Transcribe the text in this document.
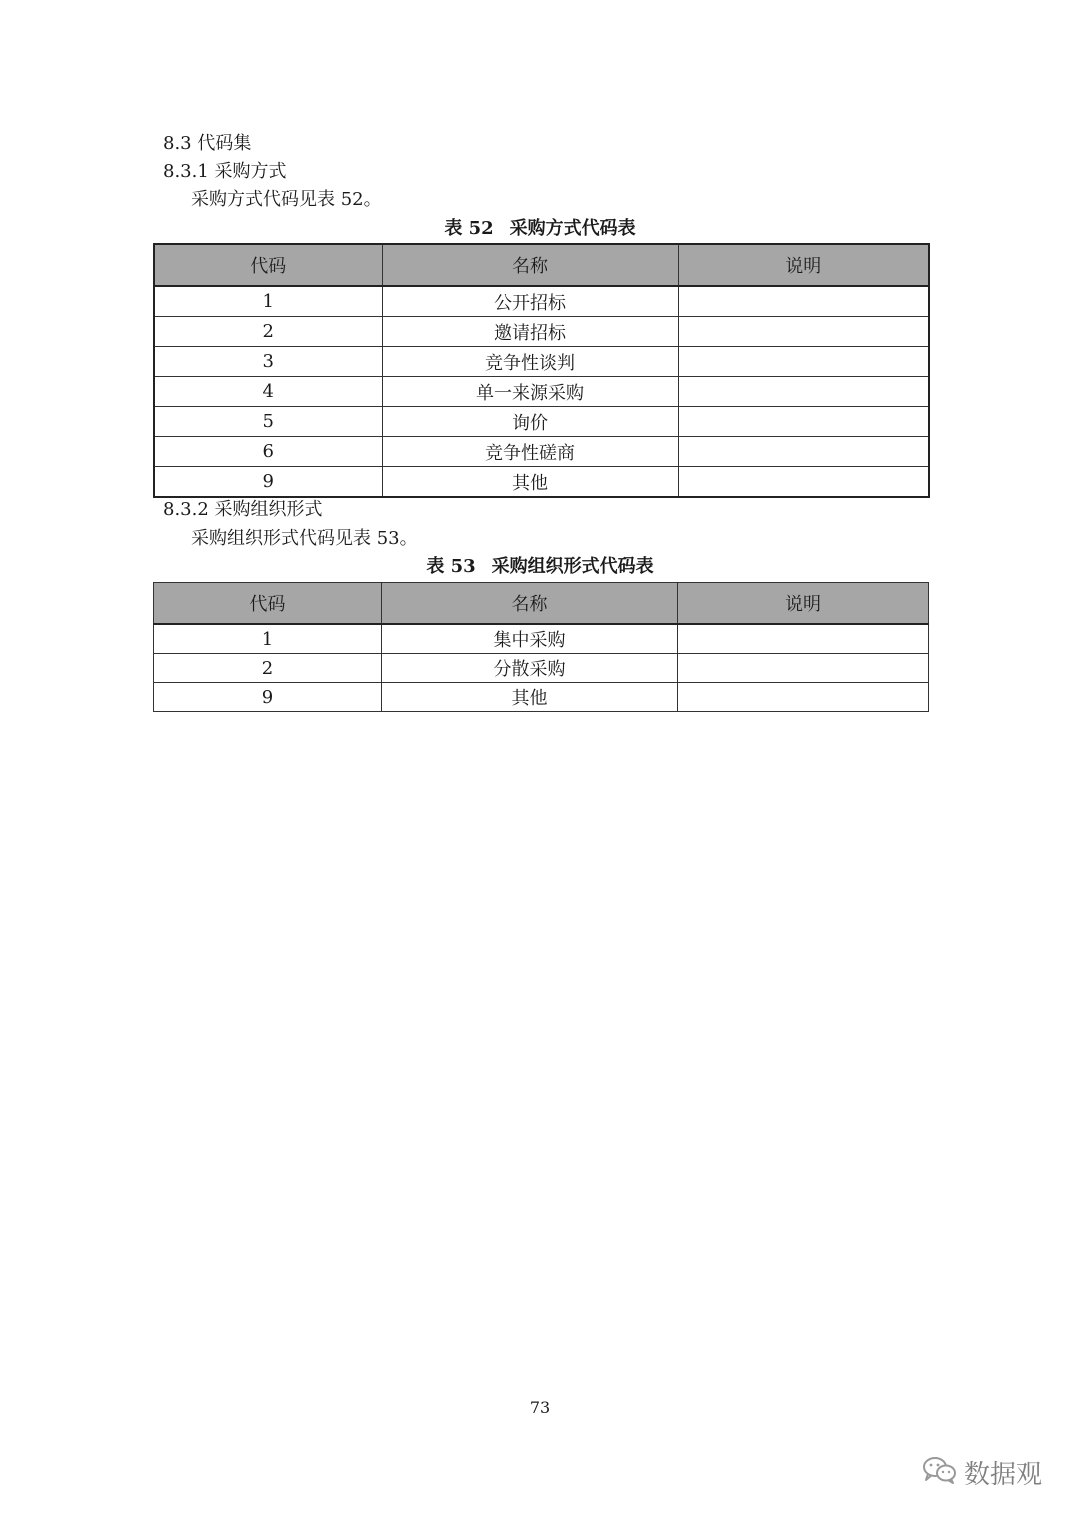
8.3 代码集
8.3.1 采购方式
采购方式代码见表 52。
表 52 采购方式代码表
代码	名称	说明
1	公开招标	
2	邀请招标	
3	竞争性谈判	
4	单一来源采购	
5	询价	
6	竞争性磋商	
9	其他	
8.3.2 采购组织形式
采购组织形式代码见表 53。
表 53 采购组织形式代码表
代码	名称	说明
1	集中采购	
2	分散采购	
9	其他	
73
数据观
